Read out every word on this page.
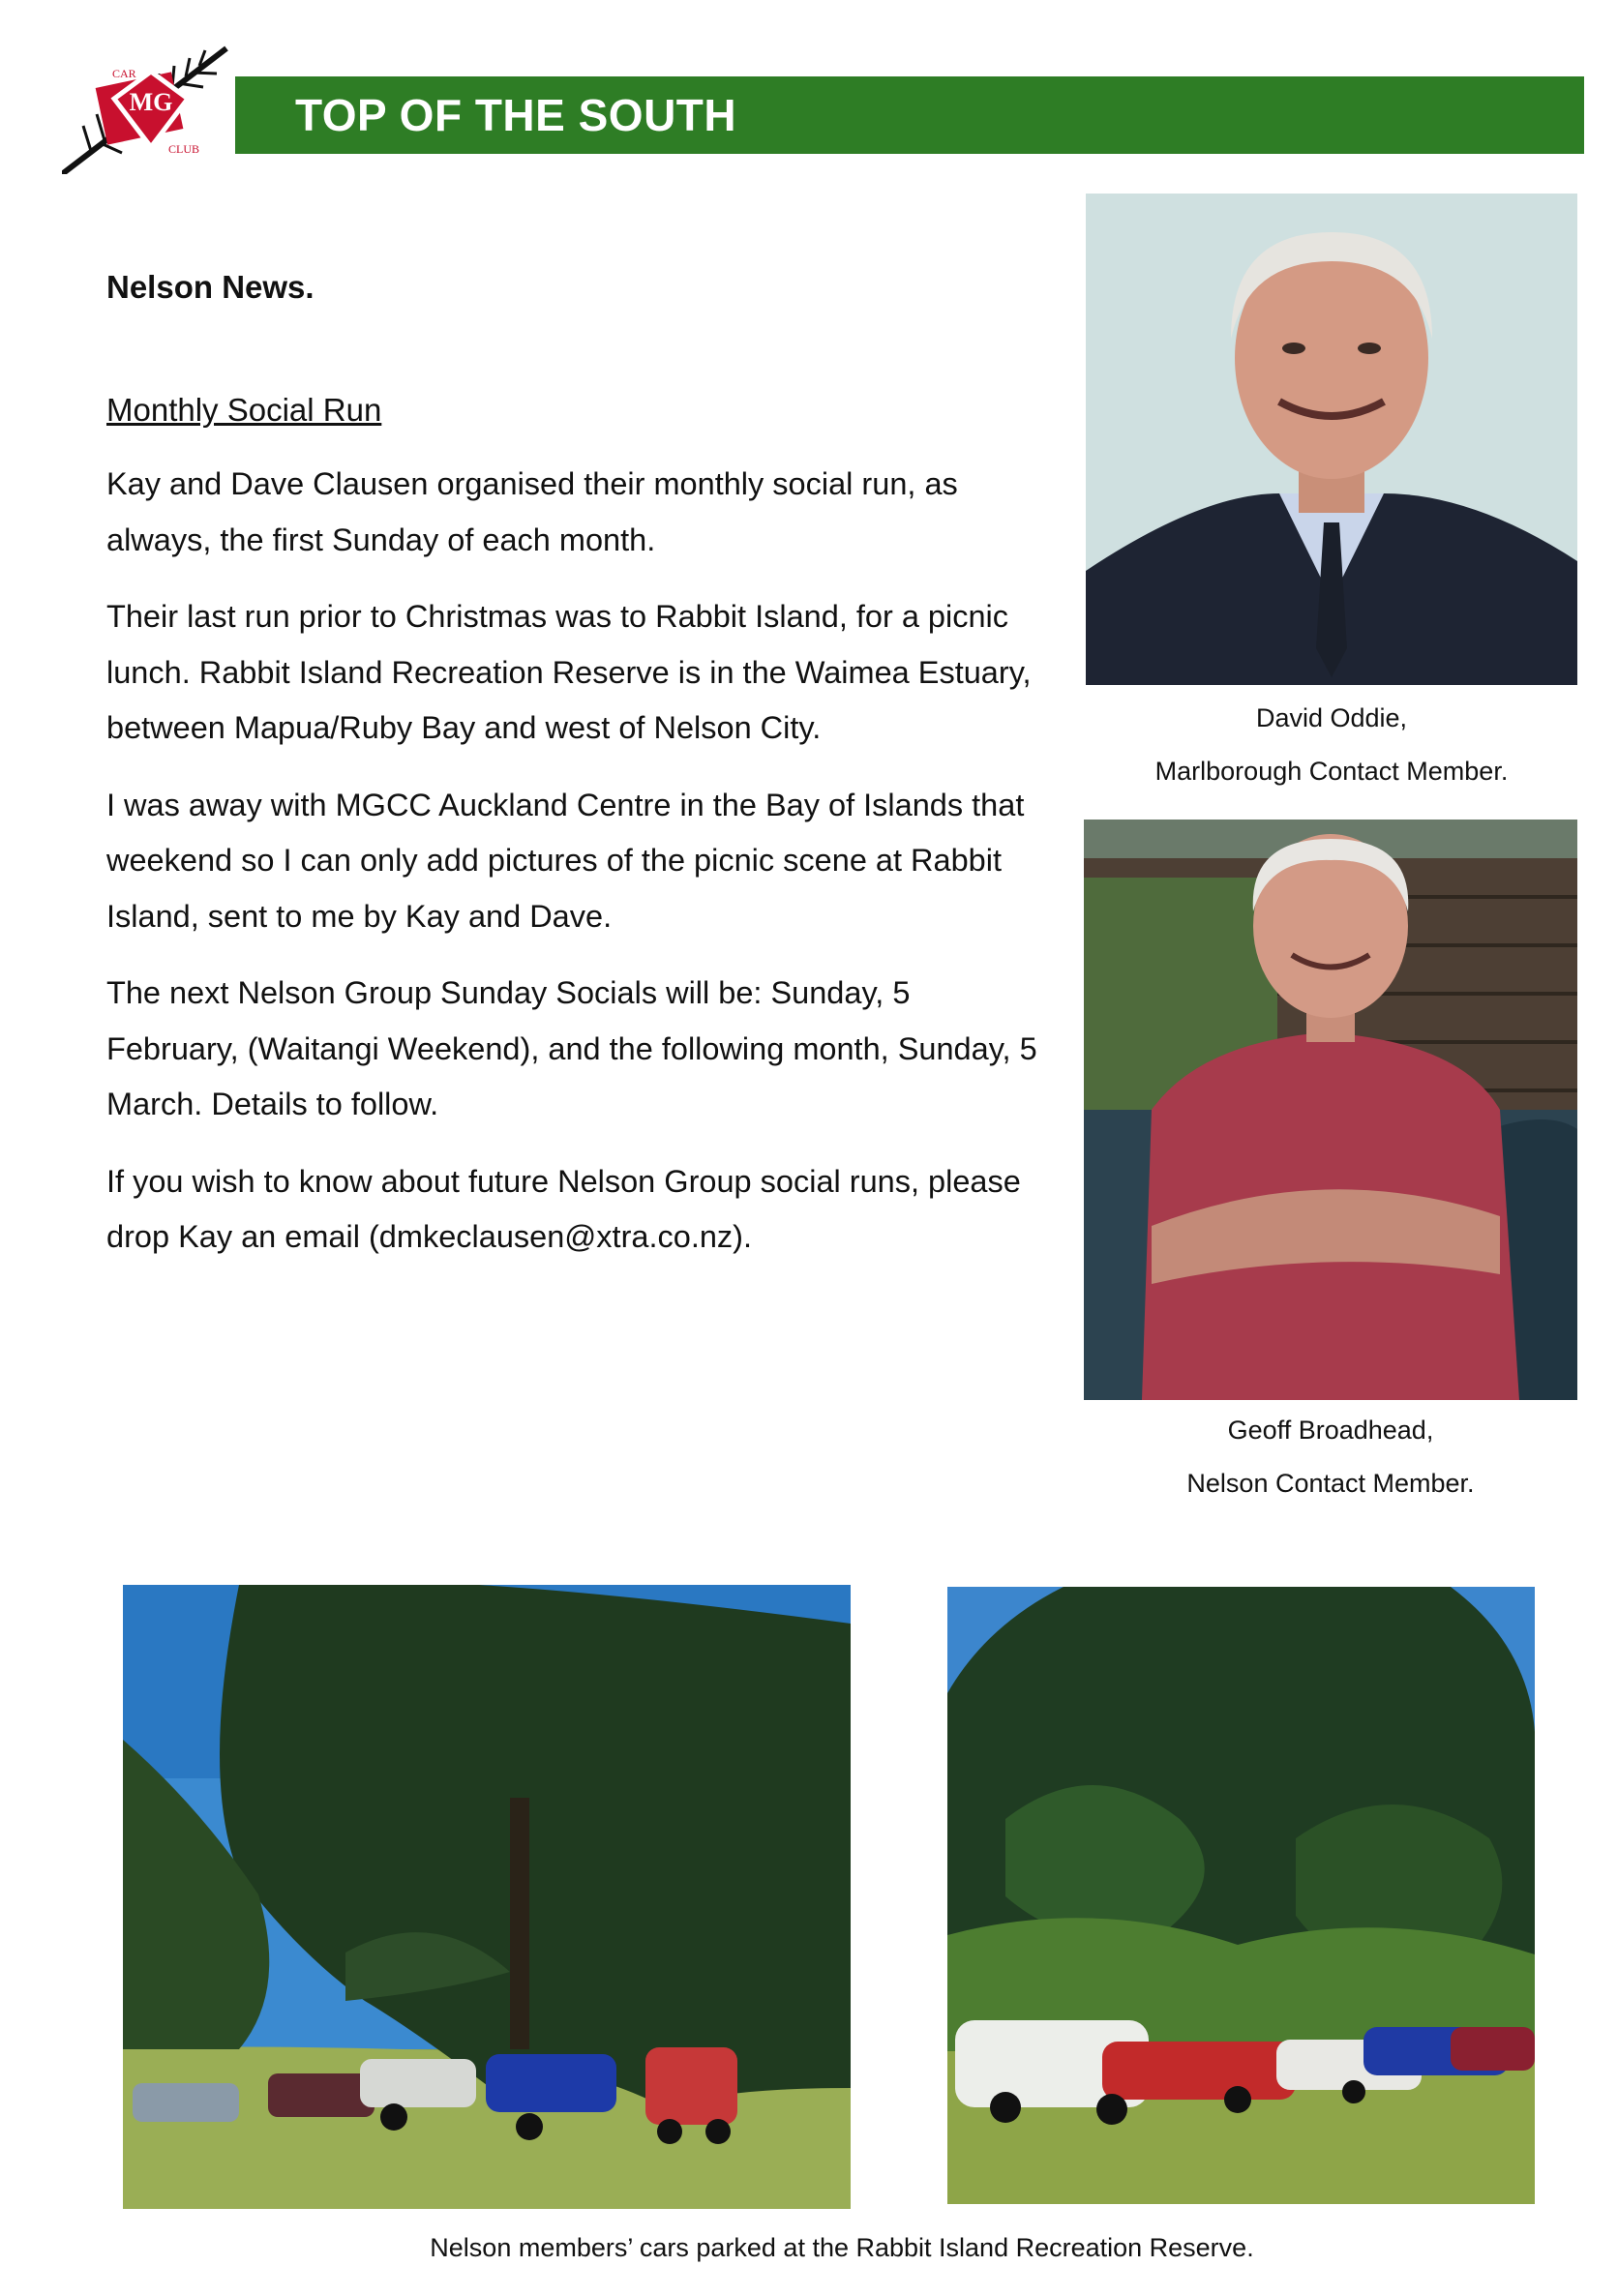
MG
CAR
CLUB
TOP OF THE SOUTH
Nelson News.
Monthly Social Run

Kay and Dave Clausen organised their monthly social run, as always, the first Sunday of each month.

Their last run prior to Christmas was to Rabbit Island, for a picnic lunch. Rabbit Island Recreation Reserve is in the Waimea Estuary, between Mapua/Ruby Bay and west of Nelson City.

I was away with MGCC Auckland Centre in the Bay of Islands that weekend so I can only add pictures of the picnic scene at Rabbit Island, sent to me by Kay and Dave.

The next Nelson Group Sunday Socials will be: Sunday, 5 February, (Waitangi Weekend), and the following month, Sunday, 5 March. Details to follow.

If you wish to know about future Nelson Group social runs, please drop Kay an email (dmkeclausen@xtra.co.nz).

David Oddie,
Marlborough Contact Member.
Geoff Broadhead,
Nelson Contact Member.
Nelson members’ cars parked at the Rabbit Island Recreation Reserve.
